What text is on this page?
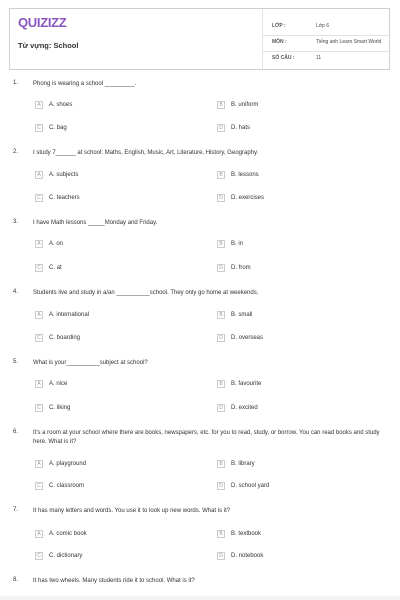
QUIZIZZ
Từ vựng: School
LỚP :	Lớp 6
MÔN :	Tiếng anh Learn Smart World
SỐ CÂU :	11
1. Phong is wearing a school _________.
A	A. shoes	B	B. uniform
C	C. bag	D	D. hats
2. I study 7______ at school: Maths, English, Music, Art, Literature, History, Geography.
A	A. subjects	B	B. lessons
C	C. teachers	D	D. exercises
3. I have Math lessons _____Monday and Friday.
A	A. on	B	B. in
C	C. at	D	D. from
4. Students live and study in a/an __________school. They only go home at weekends.
A	A. international	B	B. small
C	C. boarding	D	D. overseas
5. What is your__________subject at school?
A	A. nice	B	B. favourite
C	C. liking	D	D. excited
6. It's a room at your school where there are books, newspapers, etc. for you to read, study, or borrow. You can read books and study here. What is it?
A	A. playground	B	B. library
C	C. classroom	D	D. school yard
7. It has many letters and words. You use it to look up new words. What is it?
A	A. comic book	B	B. textbook
C	C. dictionary	D	D. notebook
8. It has two wheels. Many students ride it to school. What is it?
